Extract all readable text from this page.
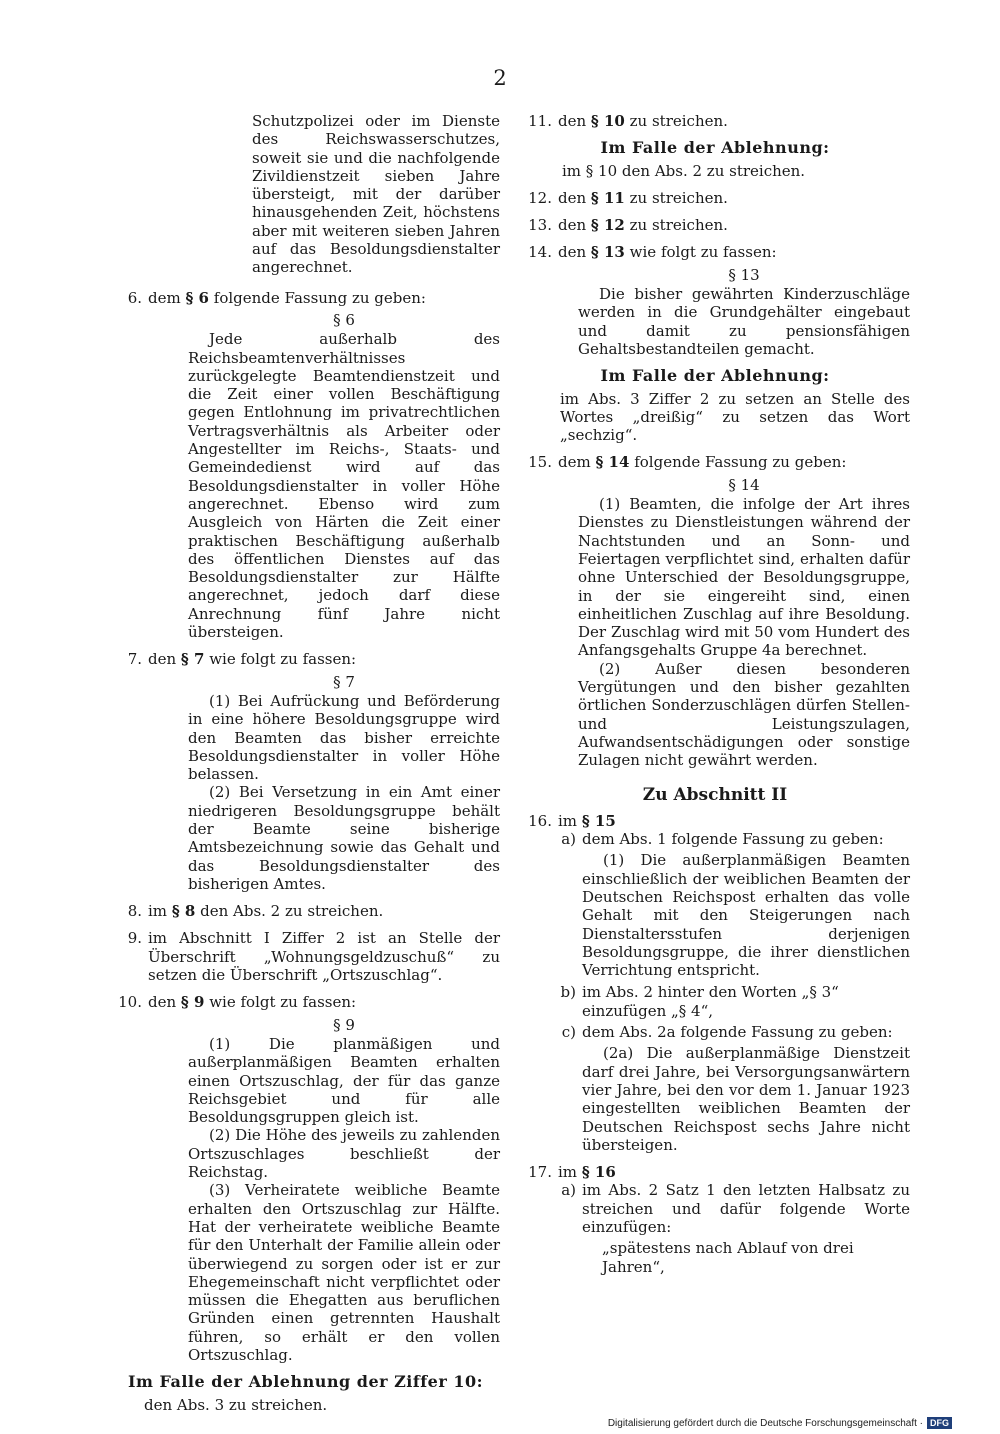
2
Schutzpolizei oder im Dienste des Reichswasserschutzes, soweit sie und die nachfolgende Zivildienstzeit sieben Jahre übersteigt, mit der darüber hinausgehenden Zeit, höchstens aber mit weiteren sieben Jahren auf das Besoldungsdienstalter angerechnet.
6. dem § 6 folgende Fassung zu geben:
§ 6
Jede außerhalb des Reichsbeamtenverhältnisses zurückgelegte Beamtendienstzeit und die Zeit einer vollen Beschäftigung gegen Entlohnung im privatrechtlichen Vertragsverhältnis als Arbeiter oder Angestellter im Reichs-, Staats- und Gemeindedienst wird auf das Besoldungsdienstalter in voller Höhe angerechnet. Ebenso wird zum Ausgleich von Härten die Zeit einer praktischen Beschäftigung außerhalb des öffentlichen Dienstes auf das Besoldungsdienstalter zur Hälfte angerechnet, jedoch darf diese Anrechnung fünf Jahre nicht übersteigen.
7. den § 7 wie folgt zu fassen:
§ 7
(1) Bei Aufrückung und Beförderung in eine höhere Besoldungsgruppe wird den Beamten das bisher erreichte Besoldungsdienstalter in voller Höhe belassen.
(2) Bei Versetzung in ein Amt einer niedrigeren Besoldungsgruppe behält der Beamte seine bisherige Amtsbezeichnung sowie das Gehalt und das Besoldungsdienstalter des bisherigen Amtes.
8. im § 8 den Abs. 2 zu streichen.
9. im Abschnitt I Ziffer 2 ist an Stelle der Überschrift „Wohnungsgeldzuschuß“ zu setzen die Überschrift „Ortszuschlag“.
10. den § 9 wie folgt zu fassen:
§ 9
(1) Die planmäßigen und außerplanmäßigen Beamten erhalten einen Ortszuschlag, der für das ganze Reichsgebiet und für alle Besoldungsgruppen gleich ist.
(2) Die Höhe des jeweils zu zahlenden Ortszuschlages beschließt der Reichstag.
(3) Verheiratete weibliche Beamte erhalten den Ortszuschlag zur Hälfte. Hat der verheiratete weibliche Beamte für den Unterhalt der Familie allein oder überwiegend zu sorgen oder ist er zur Ehegemeinschaft nicht verpflichtet oder müssen die Ehegatten aus beruflichen Gründen einen getrennten Haushalt führen, so erhält er den vollen Ortszuschlag.
Im Falle der Ablehnung der Ziffer 10:
den Abs. 3 zu streichen.
11. den § 10 zu streichen.
Im Falle der Ablehnung:
im § 10 den Abs. 2 zu streichen.
12. den § 11 zu streichen.
13. den § 12 zu streichen.
14. den § 13 wie folgt zu fassen:
§ 13
Die bisher gewährten Kinderzuschläge werden in die Grundgehälter eingebaut und damit zu pensionsfähigen Gehaltsbestandteilen gemacht.
Im Falle der Ablehnung:
im Abs. 3 Ziffer 2 zu setzen an Stelle des Wortes „dreißig“ zu setzen das Wort „sechzig“.
15. dem § 14 folgende Fassung zu geben:
§ 14
(1) Beamten, die infolge der Art ihres Dienstes zu Dienstleistungen während der Nachtstunden und an Sonn- und Feiertagen verpflichtet sind, erhalten dafür ohne Unterschied der Besoldungsgruppe, in der sie eingereiht sind, einen einheitlichen Zuschlag auf ihre Besoldung. Der Zuschlag wird mit 50 vom Hundert des Anfangsgehalts Gruppe 4a berechnet.
(2) Außer diesen besonderen Vergütungen und den bisher gezahlten örtlichen Sonderzuschlägen dürfen Stellen- und Leistungszulagen, Aufwandsentschädigungen oder sonstige Zulagen nicht gewährt werden.
Zu Abschnitt II
16. im § 15
a) dem Abs. 1 folgende Fassung zu geben:
(1) Die außerplanmäßigen Beamten einschließlich der weiblichen Beamten der Deutschen Reichspost erhalten das volle Gehalt mit den Steigerungen nach Dienstaltersstufen derjenigen Besoldungsgruppe, die ihrer dienstlichen Verrichtung entspricht.
b) im Abs. 2 hinter den Worten „§ 3“ einzufügen „§ 4“,
c) dem Abs. 2a folgende Fassung zu geben:
(2a) Die außerplanmäßige Dienstzeit darf drei Jahre, bei Versorgungsanwärtern vier Jahre, bei den vor dem 1. Januar 1923 eingestellten weiblichen Beamten der Deutschen Reichspost sechs Jahre nicht übersteigen.
17. im § 16
a) im Abs. 2 Satz 1 den letzten Halbsatz zu streichen und dafür folgende Worte einzufügen:
„spätestens nach Ablauf von drei Jahren“,
Digitalisierung gefördert durch die Deutsche Forschungsgemeinschaft · DFG
